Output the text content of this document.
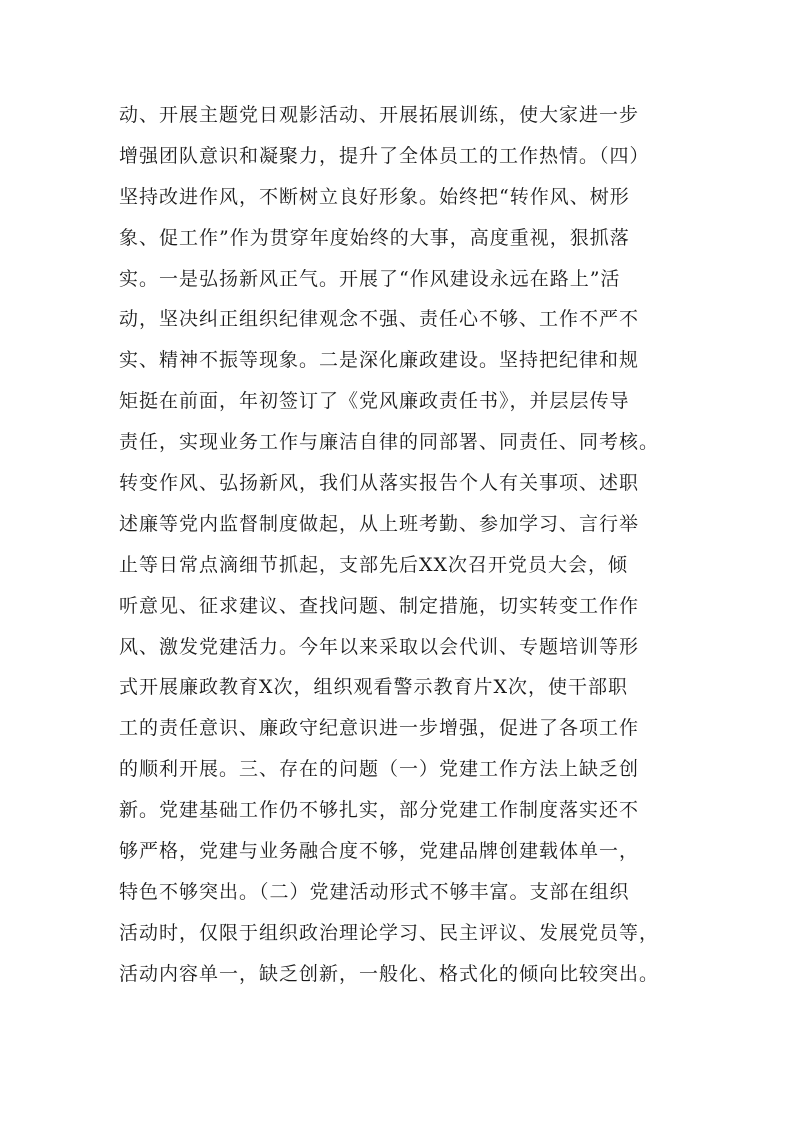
动、开展主题党日观影活动、开展拓展训练，使大家进一步
增强团队意识和凝聚力，提升了全体员工的工作热情。（四）
坚持改进作风，不断树立良好形象。始终把“转作风、树形
象、促工作”作为贯穿年度始终的大事，高度重视，狠抓落
实。一是弘扬新风正气。开展了“作风建设永远在路上”活
动，坚决纠正组织纪律观念不强、责任心不够、工作不严不
实、精神不振等现象。二是深化廉政建设。坚持把纪律和规
矩挺在前面，年初签订了《党风廉政责任书》，并层层传导
责任，实现业务工作与廉洁自律的同部署、同责任、同考核。
转变作风、弘扬新风，我们从落实报告个人有关事项、述职
述廉等党内监督制度做起，从上班考勤、参加学习、言行举
止等日常点滴细节抓起，支部先后XX次召开党员大会，倾
听意见、征求建议、查找问题、制定措施，切实转变工作作
风、激发党建活力。今年以来采取以会代训、专题培训等形
式开展廉政教育X次，组织观看警示教育片X次，使干部职
工的责任意识、廉政守纪意识进一步增强，促进了各项工作
的顺利开展。三、存在的问题（一）党建工作方法上缺乏创
新。党建基础工作仍不够扎实，部分党建工作制度落实还不
够严格，党建与业务融合度不够，党建品牌创建载体单一，
特色不够突出。（二）党建活动形式不够丰富。支部在组织
活动时，仅限于组织政治理论学习、民主评议、发展党员等，
活动内容单一，缺乏创新，一般化、格式化的倾向比较突出。
